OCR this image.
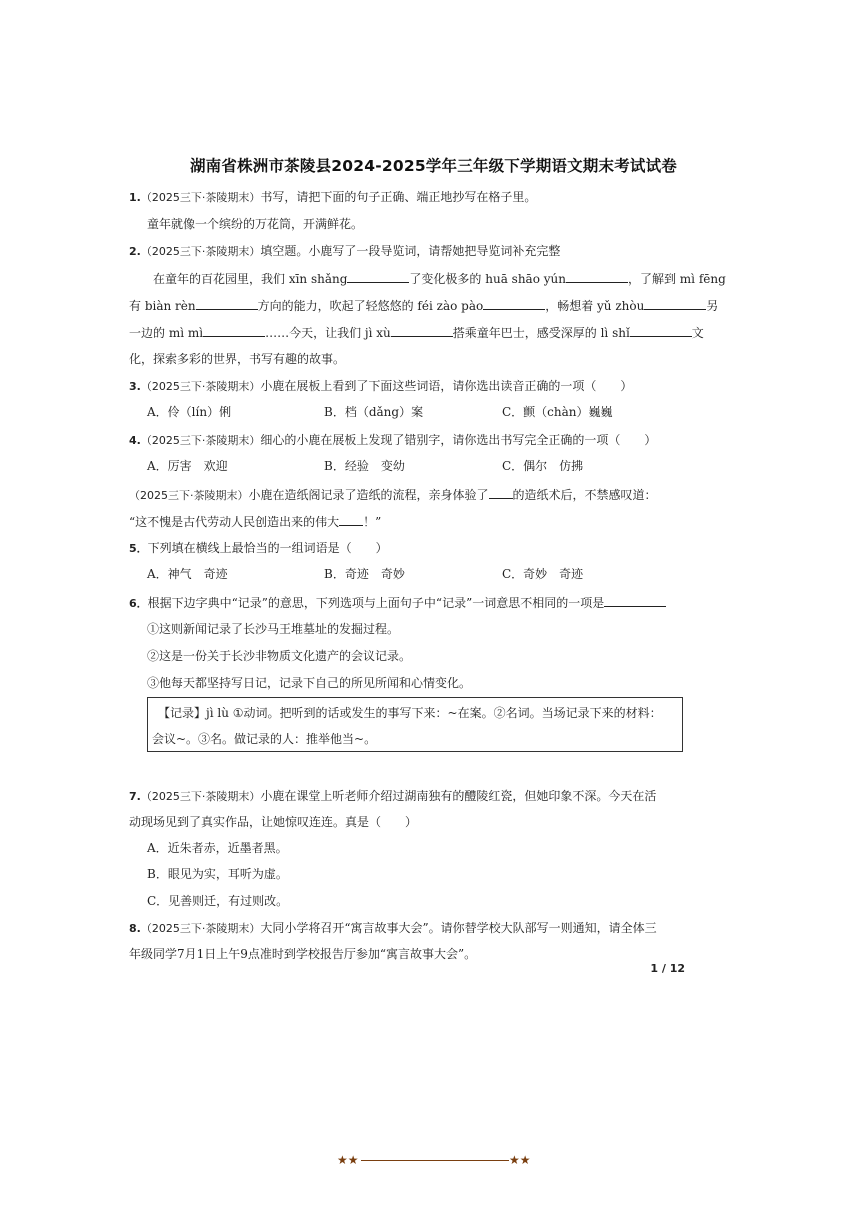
湖南省株洲市茶陵县2024-2025学年三年级下学期语文期末考试试卷
1.（2025三下·茶陵期末）书写，请把下面的句子正确、端正地抄写在格子里。
童年就像一个缤纷的万花筒，开满鲜花。
2.（2025三下·茶陵期末）填空题。小鹿写了一段导览词，请帮她把导览词补充完整
在童年的百花园里，我们 xīn shǎng	了变化极多的 huā shāo yún	，了解到 mì fēng
有 biàn rèn	方向的能力，吹起了轻悠悠的 féi zào pào	，畅想着 yǔ zhòu	另
一边的 mì mì	……今天，让我们 jì xù	搭乘童年巴士，感受深厚的 lì shǐ	文
化，探索多彩的世界，书写有趣的故事。
3.（2025三下·茶陵期末）小鹿在展板上看到了下面这些词语，请你选出读音正确的一项（　　）
A．伶（lín）俐	B．档（dǎng）案	C．颤（chàn）巍巍
4.（2025三下·茶陵期末）细心的小鹿在展板上发现了错别字，请你选出书写完全正确的一项（　　）
A．厉害　欢迎	B．经验　变幼	C．偶尔　仿拂
（2025三下·茶陵期末）小鹿在造纸阁记录了造纸的流程，亲身体验了 的造纸术后，不禁感叹道：
“这不愧是古代劳动人民创造出来的伟大 ！”
5．下列填在横线上最恰当的一组词语是（　　）
A．神气　奇迹	B．奇迹　奇妙	C．奇妙　奇迹
6．根据下边字典中“记录”的意思，下列选项与上面句子中“记录”一词意思不相同的一项是
①这则新闻记录了长沙马王堆墓址的发掘过程。
②这是一份关于长沙非物质文化遗产的会议记录。
③他每天都坚持写日记，记录下自己的所见所闻和心情变化。
【记录】jì lù ①动词。把听到的话或发生的事写下来：~在案。②名词。当场记录下来的材料：
会议~。③名。做记录的人：推举他当~。
7.（2025三下·茶陵期末）小鹿在课堂上听老师介绍过湖南独有的醴陵红瓷，但她印象不深。今天在活
动现场见到了真实作品，让她惊叹连连。真是（　　）
A．近朱者赤，近墨者黑。
B．眼见为实，耳听为虚。
C．见善则迁，有过则改。
8.（2025三下·茶陵期末）大同小学将召开“寓言故事大会”。请你替学校大队部写一则通知，请全体三
年级同学7月1日上午9点准时到学校报告厅参加“寓言故事大会”。
1 / 12
★★	★★
